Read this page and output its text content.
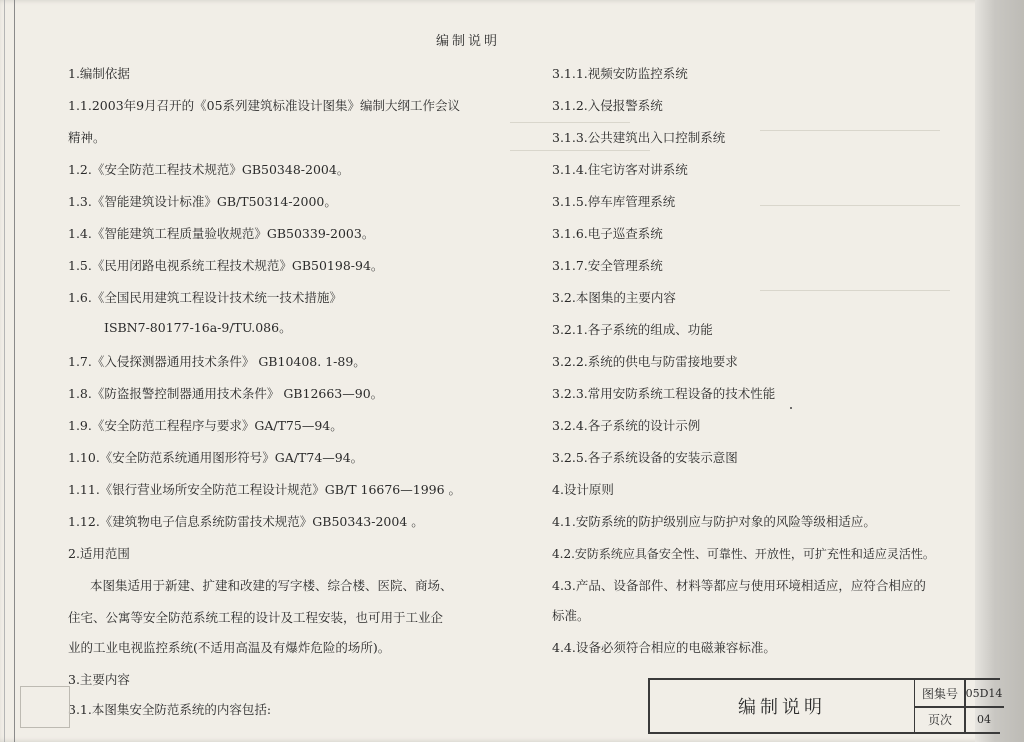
编制说明
1.编制依据
1.1.2003年9月召开的《05系列建筑标准设计图集》编制大纲工作会议
精神。
1.2.《安全防范工程技术规范》GB50348-2004。
1.3.《智能建筑设计标准》GB/T50314-2000。
1.4.《智能建筑工程质量验收规范》GB50339-2003。
1.5.《民用闭路电视系统工程技术规范》GB50198-94。
1.6.《全国民用建筑工程设计技术统一技术措施》
ISBN7-80177-16a-9/TU.086。
1.7.《入侵探测器通用技术条件》 GB10408. 1-89。
1.8.《防盗报警控制器通用技术条件》 GB12663—90。
1.9.《安全防范工程程序与要求》GA/T75—94。
1.10.《安全防范系统通用图形符号》GA/T74—94。
1.11.《银行营业场所安全防范工程设计规范》GB/T 16676—1996 。
1.12.《建筑物电子信息系统防雷技术规范》GB50343-2004 。
2.适用范围
本图集适用于新建、扩建和改建的写字楼、综合楼、医院、商场、
住宅、公寓等安全防范系统工程的设计及工程安装，也可用于工业企
业的工业电视监控系统(不适用高温及有爆炸危险的场所)。
3.主要内容
3.1.本图集安全防范系统的内容包括:
3.1.1.视频安防监控系统
3.1.2.入侵报警系统
3.1.3.公共建筑出入口控制系统
3.1.4.住宅访客对讲系统
3.1.5.停车库管理系统
3.1.6.电子巡查系统
3.1.7.安全管理系统
3.2.本图集的主要内容
3.2.1.各子系统的组成、功能
3.2.2.系统的供电与防雷接地要求
3.2.3.常用安防系统工程设备的技术性能
3.2.4.各子系统的设计示例
3.2.5.各子系统设备的安装示意图
4.设计原则
4.1.安防系统的防护级别应与防护对象的风险等级相适应。
4.2.安防系统应具备安全性、可靠性、开放性，可扩充性和适应灵活性。
4.3.产品、设备部件、材料等都应与使用环境相适应，应符合相应的
标准。
4.4.设备必须符合相应的电磁兼容标准。
编制说明
图集号 05D14
页次	04
